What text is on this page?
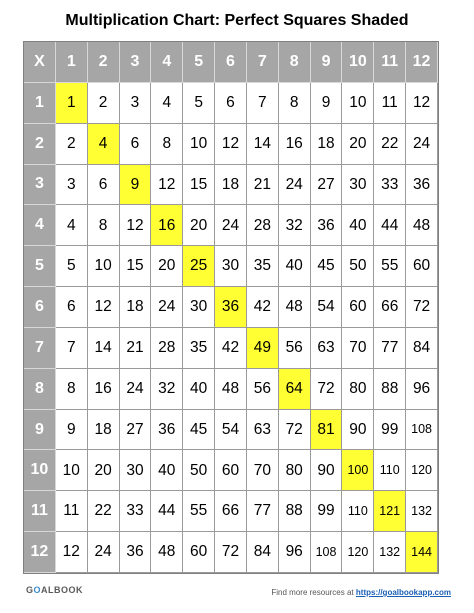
Multiplication Chart: Perfect Squares Shaded
X	1	2	3	4	5	6	7	8	9	10 11 12
1	1	2	3	4	5	6	7	8	9	10 11 12
2	2	4	6	8	10 12 14 16 18 20 22 24
3	3	6	9	12 15 18 21 24 27 30 33 36
4	4	8	12 16 20 24 28 32 36 40 44 48
5	5	10 15 20 25 30 35 40 45 50 55 60
6	6	12 18 24 30 36 42 48 54 60 66 72
7	7	14 21 28 35 42 49 56 63 70 77 84
8	8	16 24 32 40 48 56 64 72 80 88 96
9	9	18 27 36 45 54 63 72 81 90 99	108
10 10 20 30 40 50 60 70 80 90	100 110 120
11 11 22 33 44 55 66 77 88 99	110 121 132
12 12 24 36 48 60 72 84 96	108 120 132 144
GOALBOOK	Find more resources at https://goalbookapp.com
